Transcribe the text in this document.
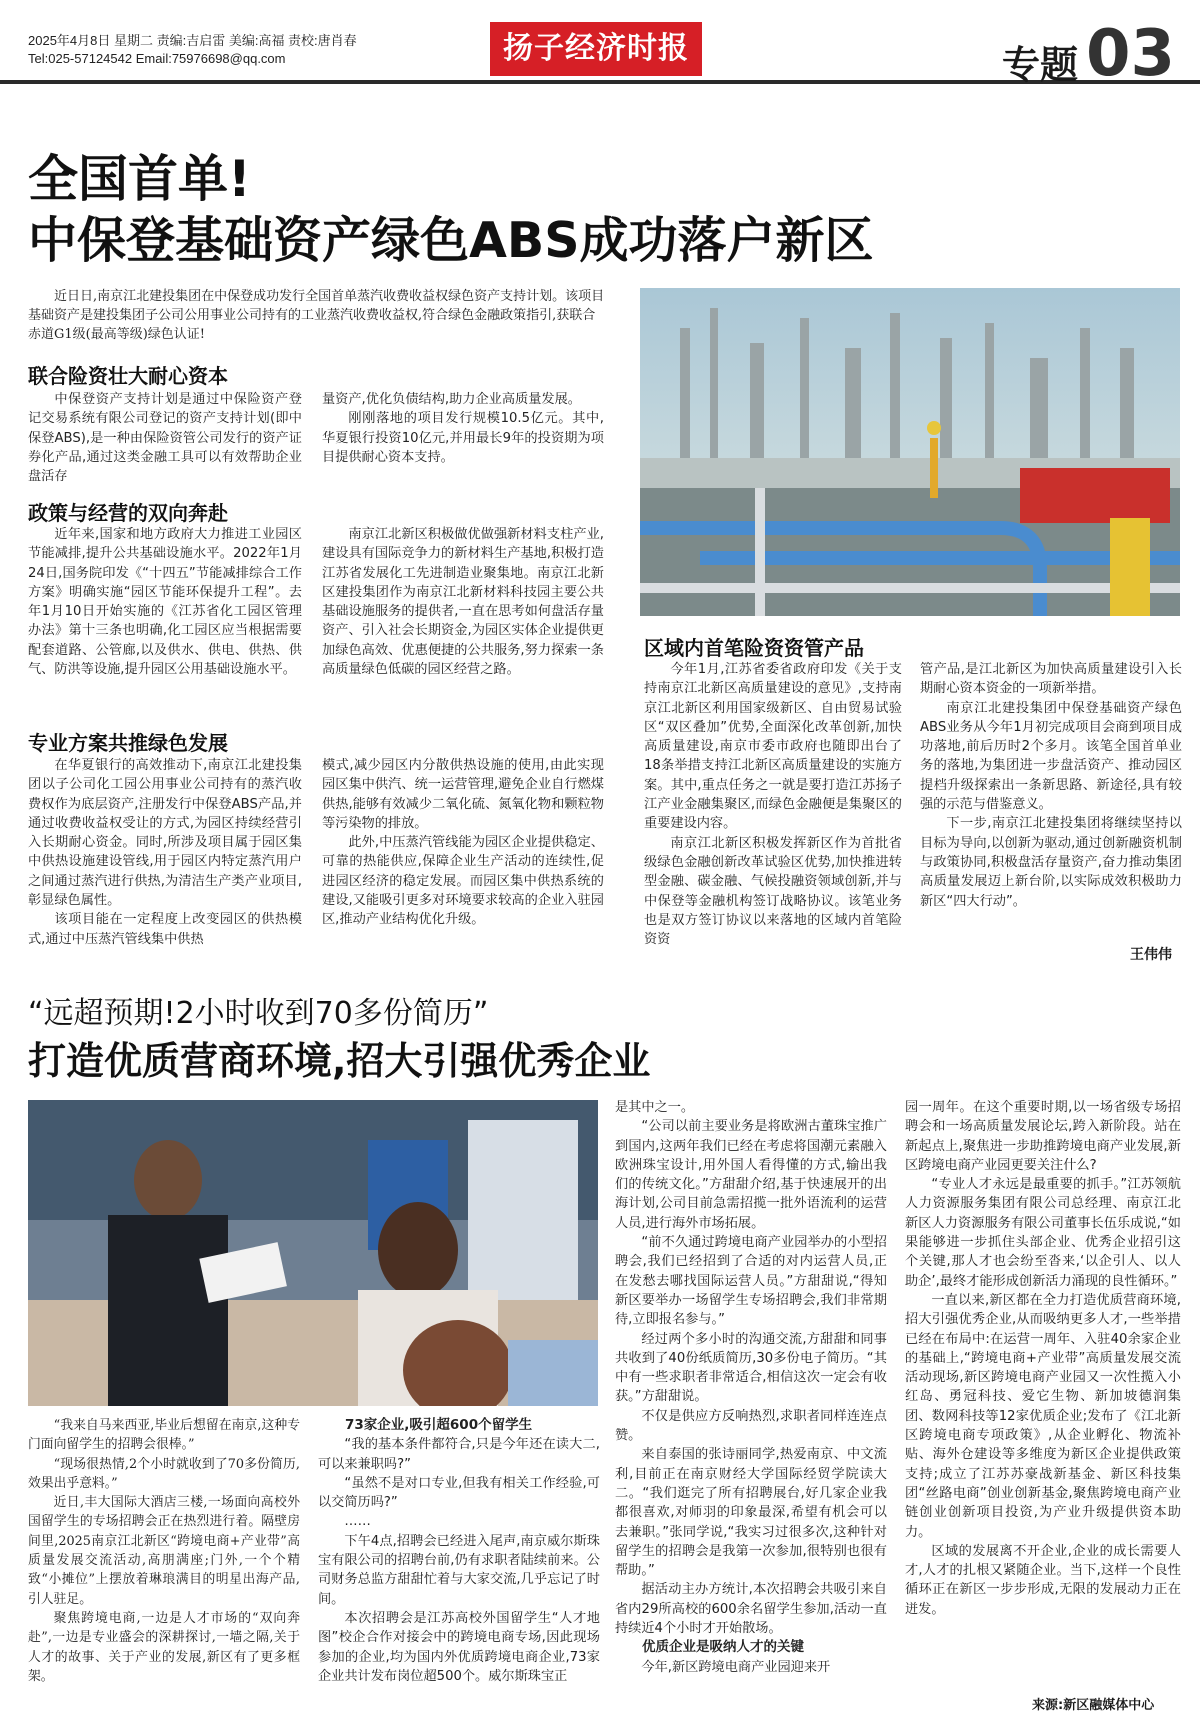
2025年4月8日 星期二 责编:吉启雷 美编:高福 责校:唐肖春
Tel:025-57124542 Email:75976698@qq.com	扬子经济时报	专题 03
全国首单!
中保登基础资产绿色ABS成功落户新区
近日日,南京江北建投集团在中保登成功发行全国首单蒸汽收费收益权绿色资产支持计划。该项目基础资产是建投集团子公司公用事业公司持有的工业蒸汽收费收益权,符合绿色金融政策指引,获联合赤道G1级(最高等级)绿色认证!
联合险资壮大耐心资本

中保登资产支持计划是通过中保险资产登记交易系统有限公司登记的资产支持计划(即中保登ABS),是一种由保险资管公司发行的资产证券化产品,通过这类金融工具可以有效帮助企业盘活存

量资产,优化负债结构,助力企业高质量发展。

刚刚落地的项目发行规模10.5亿元。其中,华夏银行投资10亿元,并用最长9年的投资期为项目提供耐心资本支持。

政策与经营的双向奔赴

近年来,国家和地方政府大力推进工业园区节能减排,提升公共基础设施水平。2022年1月24日,国务院印发《“十四五”节能减排综合工作方案》明确实施“园区节能环保提升工程”。去年1月10日开始实施的《江苏省化工园区管理办法》第十三条也明确,化工园区应当根据需要配套道路、公管廊,以及供水、供电、供热、供气、防洪等设施,提升园区公用基础设施水平。

南京江北新区积极做优做强新材料支柱产业,建设具有国际竞争力的新材料生产基地,积极打造江苏省发展化工先进制造业聚集地。南京江北新区建投集团作为南京江北新材料科技园主要公共基础设施服务的提供者,一直在思考如何盘活存量资产、引入社会长期资金,为园区实体企业提供更加绿色高效、优惠便捷的公共服务,努力探索一条高质量绿色低碳的园区经营之路。

专业方案共推绿色发展

在华夏银行的高效推动下,南京江北建投集团以子公司化工园公用事业公司持有的蒸汽收费权作为底层资产,注册发行中保登ABS产品,并通过收费收益权受让的方式,为园区持续经营引入长期耐心资金。同时,所涉及项目属于园区集中供热设施建设管线,用于园区内特定蒸汽用户之间通过蒸汽进行供热,为清洁生产类产业项目,彰显绿色属性。

该项目能在一定程度上改变园区的供热模式,通过中压蒸汽管线集中供热

模式,减少园区内分散供热设施的使用,由此实现园区集中供汽、统一运营管理,避免企业自行燃煤供热,能够有效减少二氧化硫、氮氧化物和颗粒物等污染物的排放。

此外,中压蒸汽管线能为园区企业提供稳定、可靠的热能供应,保障企业生产活动的连续性,促进园区经济的稳定发展。而园区集中供热系统的建设,又能吸引更多对环境要求较高的企业入驻园区,推动产业结构优化升级。

区域内首笔险资资管产品

今年1月,江苏省委省政府印发《关于支持南京江北新区高质量建设的意见》,支持南京江北新区利用国家级新区、自由贸易试验区“双区叠加”优势,全面深化改革创新,加快高质量建设,南京市委市政府也随即出台了18条举措支持江北新区高质量建设的实施方案。其中,重点任务之一就是要打造江苏扬子江产业金融集聚区,而绿色金融便是集聚区的重要建设内容。

南京江北新区积极发挥新区作为首批省级绿色金融创新改革试验区优势,加快推进转型金融、碳金融、气候投融资领域创新,并与中保登等金融机构签订战略协议。该笔业务也是双方签订协议以来落地的区域内首笔险资资

管产品,是江北新区为加快高质量建设引入长期耐心资本资金的一项新举措。

南京江北建投集团中保登基础资产绿色ABS业务从今年1月初完成项目会商到项目成功落地,前后历时2个多月。该笔全国首单业务的落地,为集团进一步盘活资产、推动园区提档升级探索出一条新思路、新途径,具有较强的示范与借鉴意义。

下一步,南京江北建投集团将继续坚持以目标为导向,以创新为驱动,通过创新融资机制与政策协同,积极盘活存量资产,奋力推动集团高质量发展迈上新台阶,以实际成效积极助力新区“四大行动”。

王伟伟
“远超预期!2小时收到70多份简历”
打造优质营商环境,招大引强优秀企业

“我来自马来西亚,毕业后想留在南京,这种专门面向留学生的招聘会很棒。”

“现场很热情,2个小时就收到了70多份简历,效果出乎意料。”

近日,丰大国际大酒店三楼,一场面向高校外国留学生的专场招聘会正在热烈进行着。隔壁房间里,2025南京江北新区“跨境电商+产业带”高质量发展交流活动,高朋满座;门外,一个个精致“小摊位”上摆放着琳琅满目的明星出海产品,引人驻足。

聚焦跨境电商,一边是人才市场的“双向奔赴”,一边是专业盛会的深耕探讨,一墙之隔,关于人才的故事、关于产业的发展,新区有了更多框架。

73家企业,吸引超600个留学生

“我的基本条件都符合,只是今年还在读大二,可以来兼职吗?”

“虽然不是对口专业,但我有相关工作经验,可以交简历吗?”

……

下午4点,招聘会已经进入尾声,南京威尔斯珠宝有限公司的招聘台前,仍有求职者陆续前来。公司财务总监方甜甜忙着与大家交流,几乎忘记了时间。

本次招聘会是江苏高校外国留学生“人才地图”校企合作对接会中的跨境电商专场,因此现场参加的企业,均为国内外优质跨境电商企业,73家企业共计发布岗位超500个。威尔斯珠宝正

是其中之一。

“公司以前主要业务是将欧洲古董珠宝推广到国内,这两年我们已经在考虑将国潮元素融入欧洲珠宝设计,用外国人看得懂的方式,输出我们的传统文化。”方甜甜介绍,基于快速展开的出海计划,公司目前急需招揽一批外语流利的运营人员,进行海外市场拓展。

“前不久通过跨境电商产业园举办的小型招聘会,我们已经招到了合适的对内运营人员,正在发愁去哪找国际运营人员。”方甜甜说,“得知新区要举办一场留学生专场招聘会,我们非常期待,立即报名参与。”

经过两个多小时的沟通交流,方甜甜和同事共收到了40份纸质简历,30多份电子简历。“其中有一些求职者非常适合,相信这次一定会有收获。”方甜甜说。

不仅是供应方反响热烈,求职者同样连连点赞。

来自泰国的张诗丽同学,热爱南京、中文流利,目前正在南京财经大学国际经贸学院读大二。“我们逛完了所有招聘展台,好几家企业我都很喜欢,对师羽的印象最深,希望有机会可以去兼职。”张同学说,“我实习过很多次,这种针对留学生的招聘会是我第一次参加,很特别也很有帮助。”

据活动主办方统计,本次招聘会共吸引来自省内29所高校的600余名留学生参加,活动一直持续近4个小时才开始散场。

优质企业是吸纳人才的关键

今年,新区跨境电商产业园迎来开

园一周年。在这个重要时期,以一场省级专场招聘会和一场高质量发展论坛,跨入新阶段。站在新起点上,聚焦进一步助推跨境电商产业发展,新区跨境电商产业园更要关注什么?

“专业人才永远是最重要的抓手。”江苏领航人力资源服务集团有限公司总经理、南京江北新区人力资源服务有限公司董事长伍乐成说,“如果能够进一步抓住头部企业、优秀企业招引这个关键,那人才也会纷至沓来,‘以企引人、以人助企’,最终才能形成创新活力涌现的良性循环。”

一直以来,新区都在全力打造优质营商环境,招大引强优秀企业,从而吸纳更多人才,一些举措已经在布局中:在运营一周年、入驻40余家企业的基础上,“跨境电商+产业带”高质量发展交流活动现场,新区跨境电商产业园又一次性揽入小红岛、勇冠科技、爱它生物、新加坡德润集团、数网科技等12家优质企业;发布了《江北新区跨境电商专项政策》,从企业孵化、物流补贴、海外仓建设等多维度为新区企业提供政策支持;成立了江苏苏豪战新基金、新区科技集团“丝路电商”创业创新基金,聚焦跨境电商产业链创业创新项目投资,为产业升级提供资本助力。

区域的发展离不开企业,企业的成长需要人才,人才的扎根又紧随企业。当下,这样一个良性循环正在新区一步步形成,无限的发展动力正在迸发。

来源:新区融媒体中心
